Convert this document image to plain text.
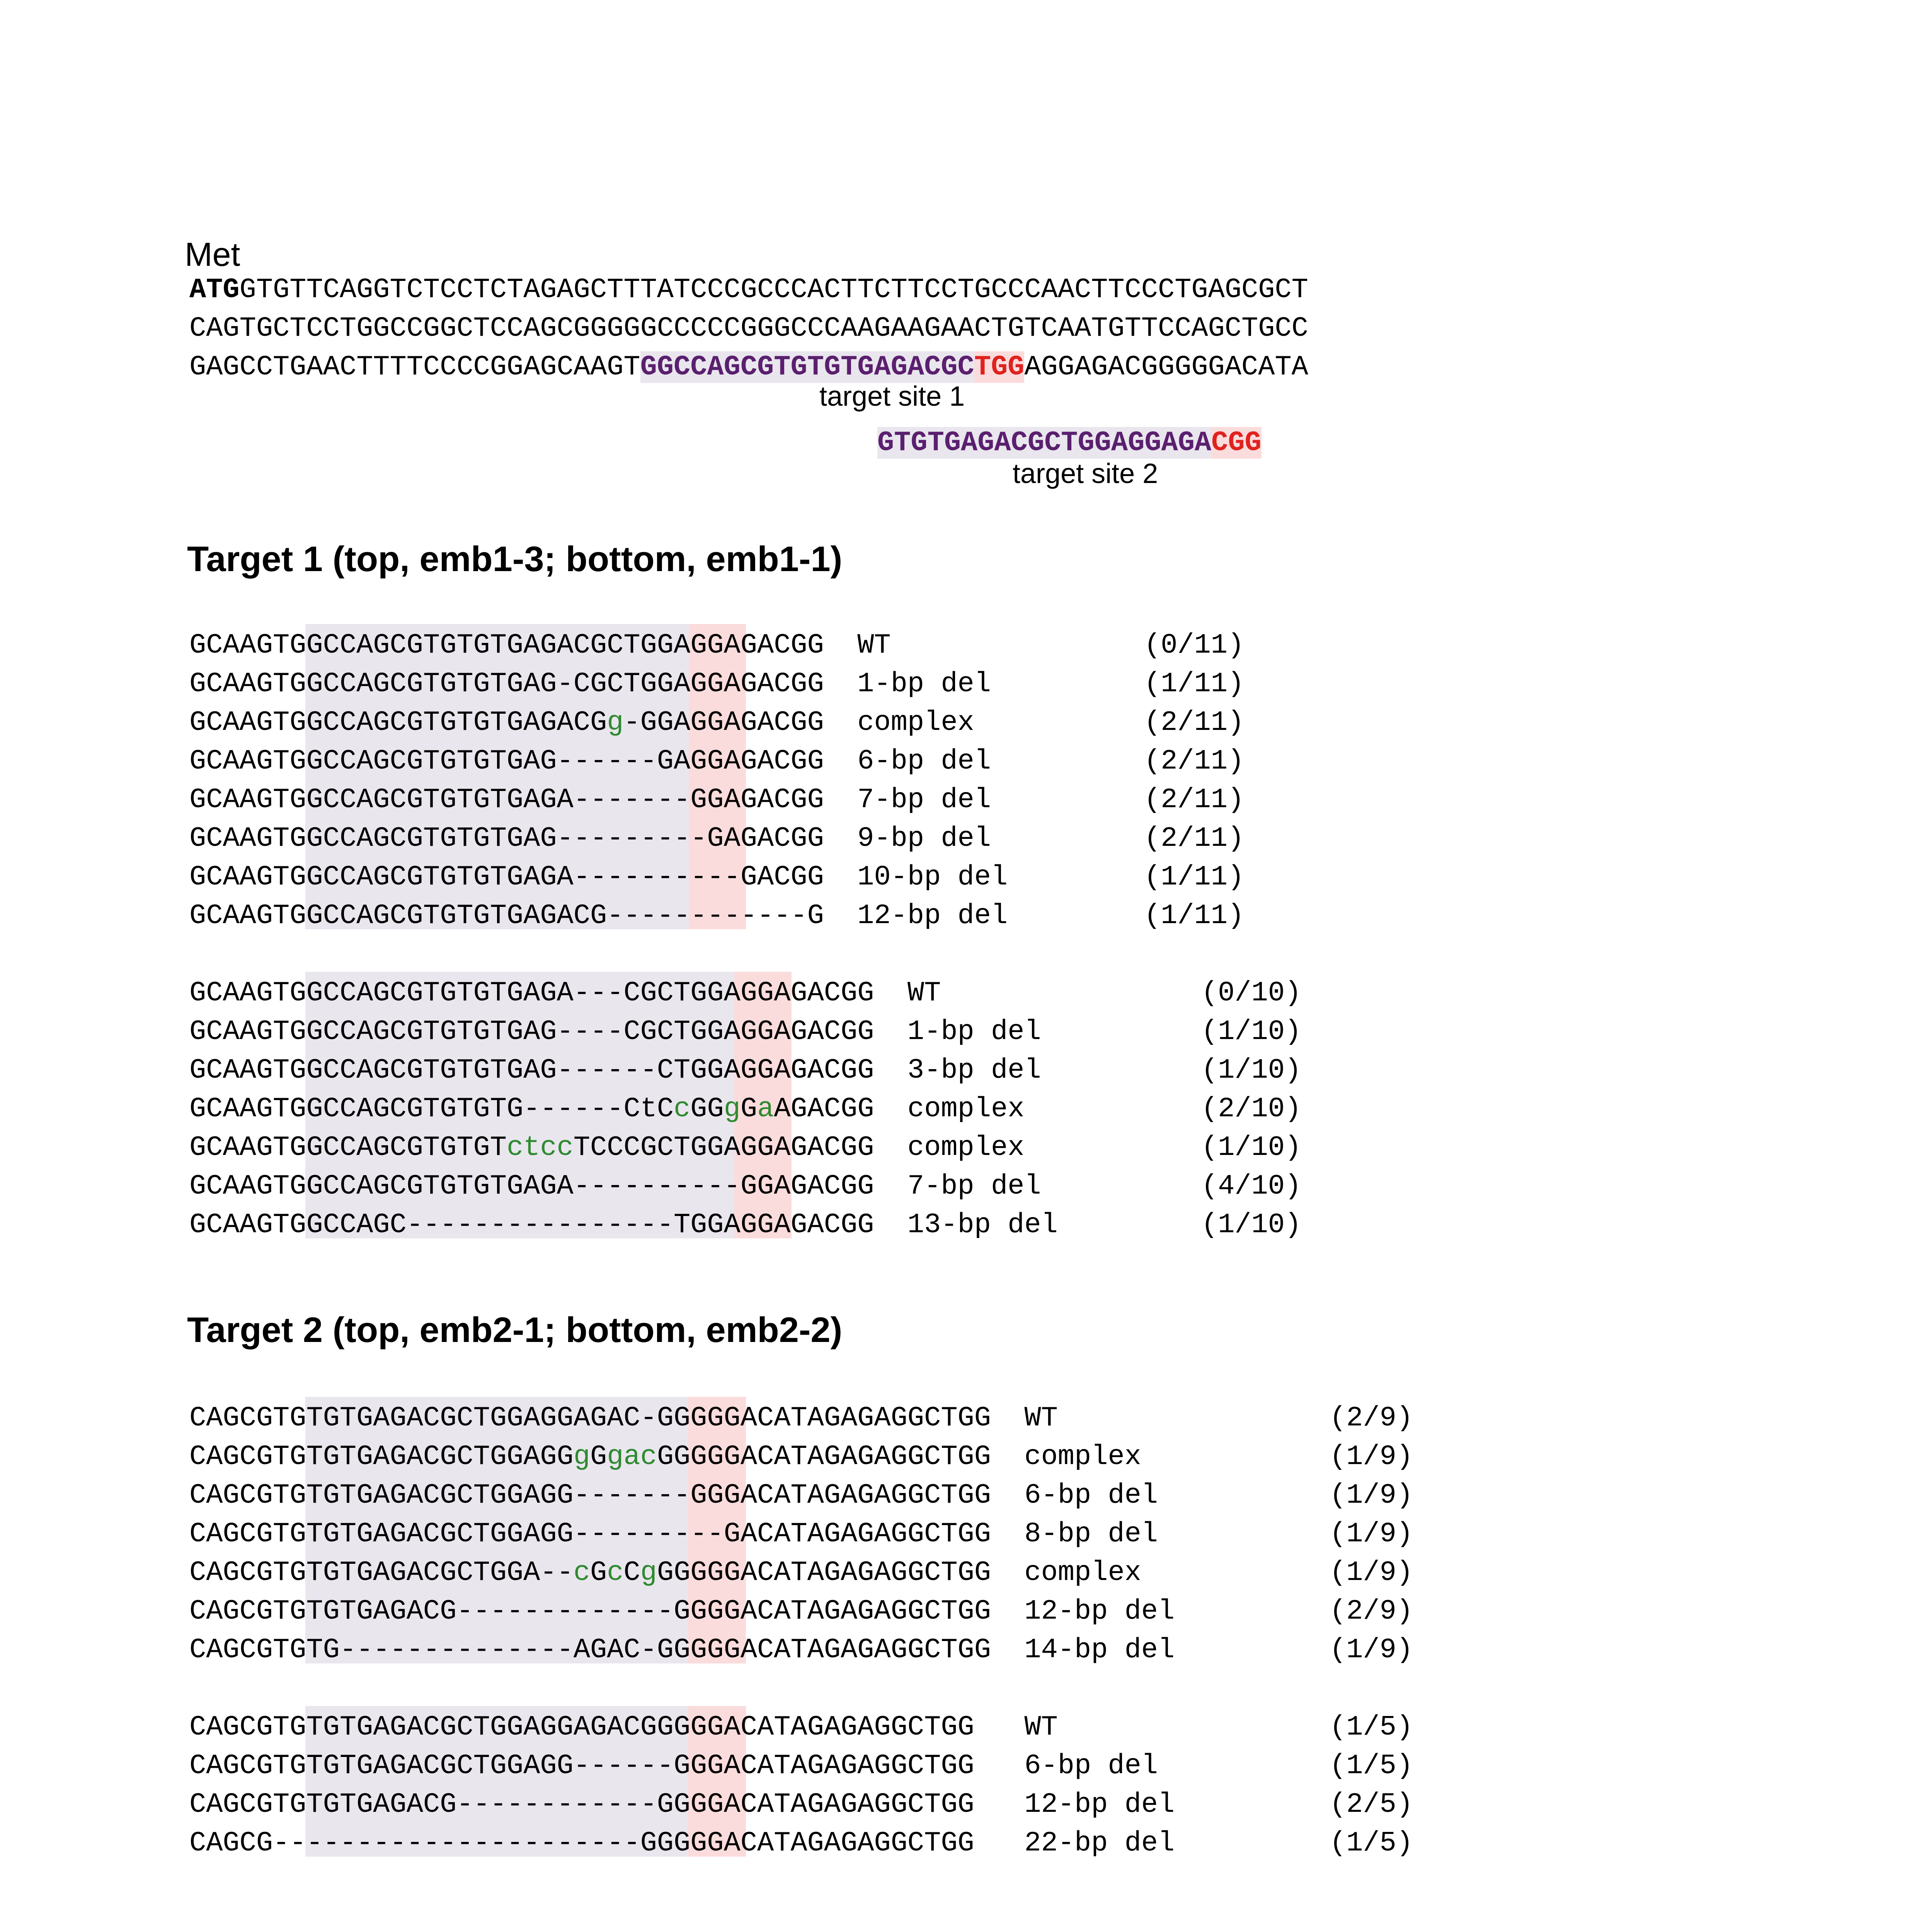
Met

ATGGTGTTCAGGTCTCCTCTAGAGCTTTATCCCGCCCACTTCTTCCTGCCCAACTTCCCTGAGCGCT

CAGTGCTCCTGGCCGGCTCCAGCGGGGGCCCCCGGGCCCAAGAAGAACTGTCAATGTTCCAGCTGCC

GAGCCTGAACTTTTCCCCGGAGCAAGTGGCCAGCGTGTGTGAGACGCTGGAGGAGACGGGGGACATA

target site 1
GTGTGAGACGCTGGAGGAGACGG
target site 2
Target 1 (top, emb1-3; bottom, emb1-1)

GCAAGTGGCCAGCGTGTGTGAGACGCTGGAGGAGACGG WT

GCAAGTGGCCAGCGTGTGTGAG-CGCTGGAGGAGACGG 1-bp del

GCAAGTGGCCAGCGTGTGTGAGACGg-GGAGGAGACGG complex

GCAAGTGGCCAGCGTGTGTGAG------GAGGAGACGG 6-bp del

GCAAGTGGCCAGCGTGTGTGAGA-------GGAGACGG 7-bp del

GCAAGTGGCCAGCGTGTGTGAG---------GAGACGG 9-bp del

GCAAGTGGCCAGCGTGTGTGAGA----------GACGG 10-bp del

GCAAGTGGCCAGCGTGTGTGAGACG------------G 12-bp del

(0/11)

(1/11)

(2/11)

(2/11)

(2/11)

(2/11)

(1/11)

(1/11)

GCAAGTGGCCAGCGTGTGTGAGA---CGCTGGAGGAGACGG WT

GCAAGTGGCCAGCGTGTGTGAG----CGCTGGAGGAGACGG 1-bp del

GCAAGTGGCCAGCGTGTGTGAG------CTGGAGGAGACGG 3-bp del

GCAAGTGGCCAGCGTGTGTG------CtCcGGgGaAGACGG complex

GCAAGTGGCCAGCGTGTGTctccTCCCGCTGGAGGAGACGG complex

GCAAGTGGCCAGCGTGTGTGAGA----------GGAGACGG 7-bp del

GCAAGTGGCCAGC----------------TGGAGGAGACGG 13-bp del

(0/10)

(1/10)

(1/10)

(2/10)

(1/10)

(4/10)

(1/10)

Target 2 (top, emb2-1; bottom, emb2-2)

CAGCGTGTGTGAGACGCTGGAGGAGAC-GGGGGACATAGAGAGGCTGG WT

CAGCGTGTGTGAGACGCTGGAGGgGgacGGGGGACATAGAGAGGCTGG complex

CAGCGTGTGTGAGACGCTGGAGG-------GGGACATAGAGAGGCTGG 6-bp del

CAGCGTGTGTGAGACGCTGGAGG---------GACATAGAGAGGCTGG 8-bp del

CAGCGTGTGTGAGACGCTGGA--cGcCgGGGGGACATAGAGAGGCTGG complex

CAGCGTGTGTGAGACG-------------GGGGACATAGAGAGGCTGG 12-bp del

CAGCGTGTG--------------AGAC-GGGGGACATAGAGAGGCTGG 14-bp del

(2/9)

(1/9)

(1/9)

(1/9)

(1/9)

(2/9)

(1/9)

CAGCGTGTGTGAGACGCTGGAGGAGACGGGGGACATAGAGAGGCTGG WT

CAGCGTGTGTGAGACGCTGGAGG------GGGACATAGAGAGGCTGG 6-bp del

CAGCGTGTGTGAGACG------------GGGGACATAGAGAGGCTGG 12-bp del

CAGCG----------------------GGGGGACATAGAGAGGCTGG 22-bp del

(1/5)

(1/5)

(2/5)

(1/5)
